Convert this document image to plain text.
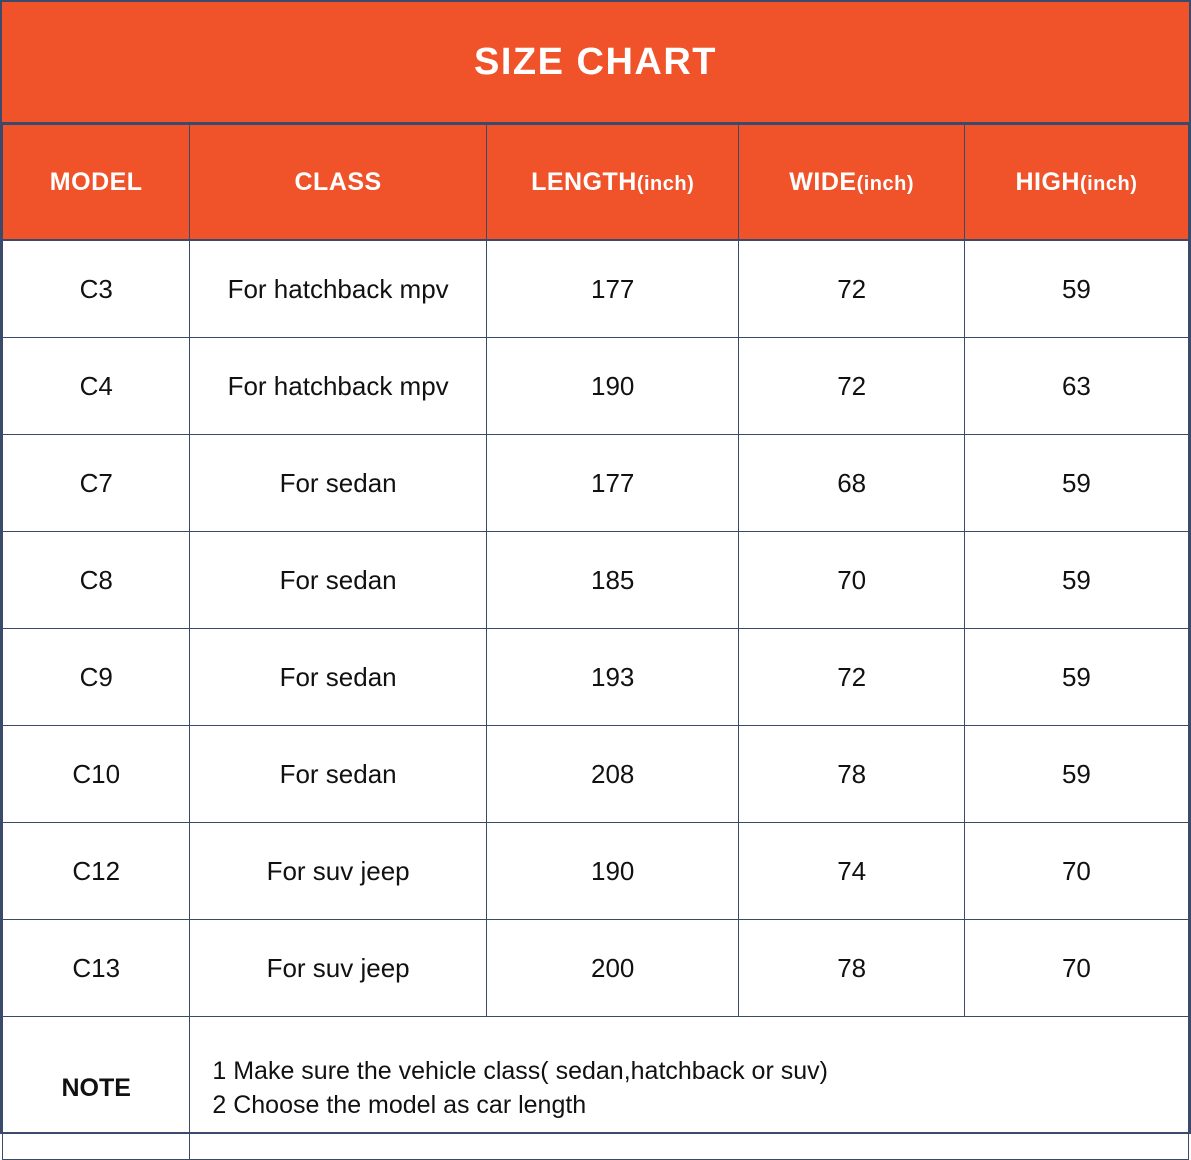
SIZE CHART
MODEL	CLASS	LENGTH(inch)	WIDE(inch)	HIGH(inch)
C3	For hatchback mpv	177	72	59
C4	For hatchback mpv	190	72	63
C7	For sedan	177	68	59
C8	For sedan	185	70	59
C9	For sedan	193	72	59
C10	For sedan	208	78	59
C12	For suv jeep	190	74	70
C13	For suv jeep	200	78	70
NOTE	1 Make sure the vehicle class( sedan,hatchback or suv)
2 Choose the model as car length			
